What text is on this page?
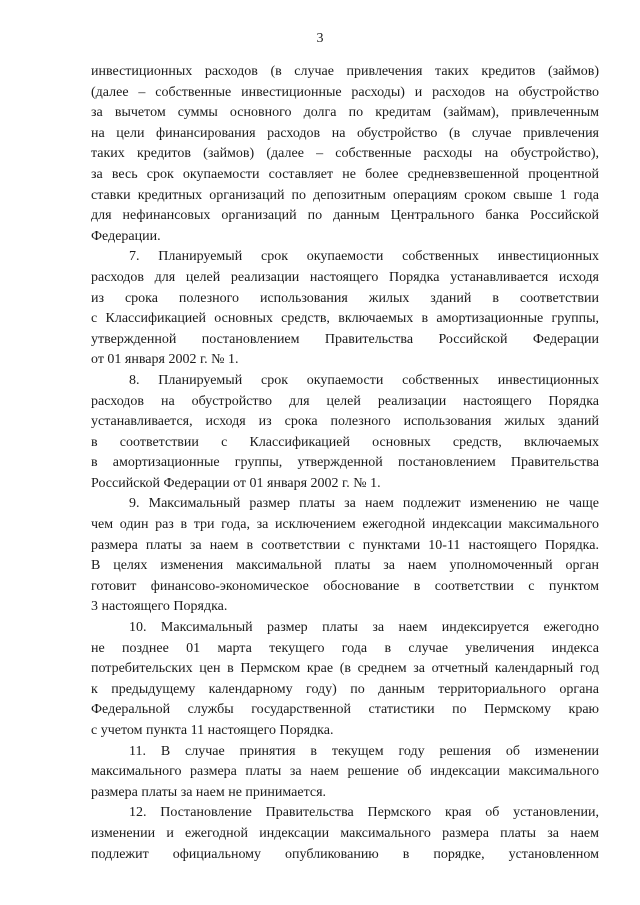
3
инвестиционных расходов (в случае привлечения таких кредитов (займов)
(далее – собственные инвестиционные расходы) и расходов на обустройство
за вычетом суммы основного долга по кредитам (займам), привлеченным
на цели финансирования расходов на обустройство (в случае привлечения
таких кредитов (займов) (далее – собственные расходы на обустройство),
за весь срок окупаемости составляет не более средневзвешенной процентной
ставки кредитных организаций по депозитным операциям сроком свыше 1 года
для нефинансовых организаций по данным Центрального банка Российской
Федерации.
7. Планируемый срок окупаемости собственных инвестиционных
расходов для целей реализации настоящего Порядка устанавливается исходя
из срока полезного использования жилых зданий в соответствии
с Классификацией основных средств, включаемых в амортизационные группы,
утвержденной постановлением Правительства Российской Федерации
от 01 января 2002 г. № 1.
8. Планируемый срок окупаемости собственных инвестиционных
расходов на обустройство для целей реализации настоящего Порядка
устанавливается, исходя из срока полезного использования жилых зданий
в соответствии с Классификацией основных средств, включаемых
в амортизационные группы, утвержденной постановлением Правительства
Российской Федерации от 01 января 2002 г. № 1.
9. Максимальный размер платы за наем подлежит изменению не чаще
чем один раз в три года, за исключением ежегодной индексации максимального
размера платы за наем в соответствии с пунктами 10-11 настоящего Порядка.
В целях изменения максимальной платы за наем уполномоченный орган
готовит финансово-экономическое обоснование в соответствии с пунктом
3 настоящего Порядка.
10. Максимальный размер платы за наем индексируется ежегодно
не позднее 01 марта текущего года в случае увеличения индекса
потребительских цен в Пермском крае (в среднем за отчетный календарный год
к предыдущему календарному году) по данным территориального органа
Федеральной службы государственной статистики по Пермскому краю
с учетом пункта 11 настоящего Порядка.
11. В случае принятия в текущем году решения об изменении
максимального размера платы за наем решение об индексации максимального
размера платы за наем не принимается.
12. Постановление Правительства Пермского края об установлении,
изменении и ежегодной индексации максимального размера платы за наем
подлежит официальному опубликованию в порядке, установленном
